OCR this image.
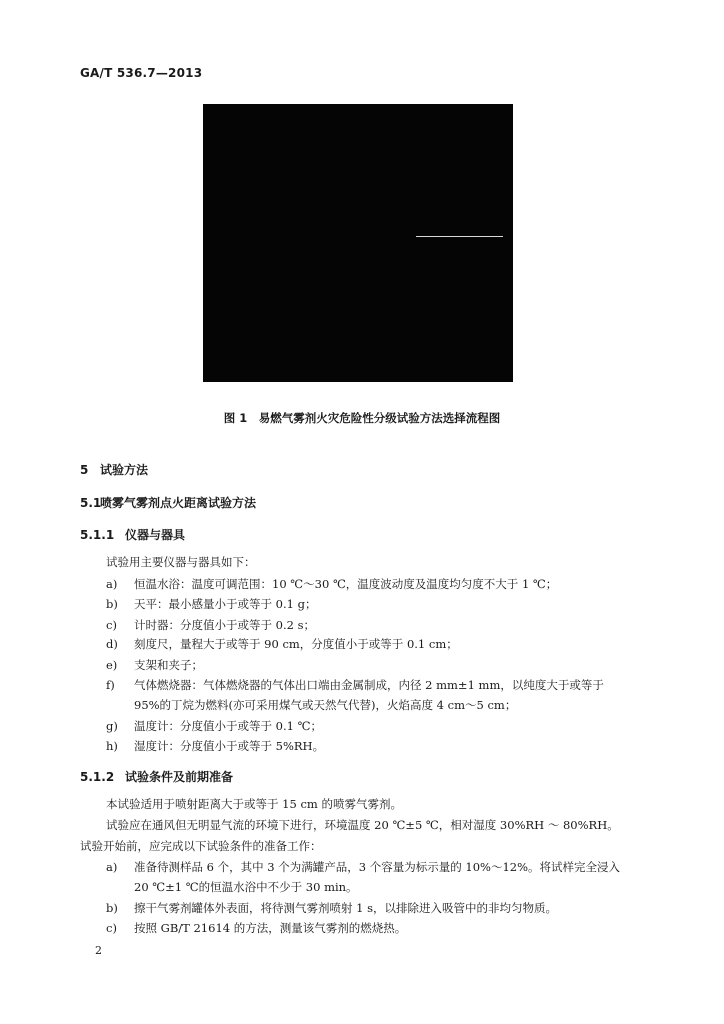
GA/T 536.7—2013
图 1　易燃气雾剂火灾危险性分级试验方法选择流程图
5 试验方法
5.1喷雾气雾剂点火距离试验方法
5.1.1 仪器与器具
试验用主要仪器与器具如下：
a) 恒温水浴：温度可调范围：10 ℃～30 ℃，温度波动度及温度均匀度不大于 1 ℃；
b) 天平：最小感量小于或等于 0.1 g；
c) 计时器：分度值小于或等于 0.2 s；
d) 刻度尺，量程大于或等于 90 cm，分度值小于或等于 0.1 cm；
e) 支架和夹子；
f) 气体燃烧器：气体燃烧器的气体出口端由金属制成，内径 2 mm±1 mm，以纯度大于或等于
95%的丁烷为燃料(亦可采用煤气或天然气代替)，火焰高度 4 cm～5 cm；
g) 温度计：分度值小于或等于 0.1 ℃；
h) 湿度计：分度值小于或等于 5%RH。
5.1.2 试验条件及前期准备
本试验适用于喷射距离大于或等于 15 cm 的喷雾气雾剂。
试验应在通风但无明显气流的环境下进行，环境温度 20 ℃±5 ℃，相对湿度 30%RH ～ 80%RH。
试验开始前，应完成以下试验条件的准备工作：
a) 准备待测样品 6 个，其中 3 个为满罐产品，3 个容量为标示量的 10%～12%。将试样完全浸入
20 ℃±1 ℃的恒温水浴中不少于 30 min。
b) 擦干气雾剂罐体外表面，将待测气雾剂喷射 1 s，以排除进入吸管中的非均匀物质。
c) 按照 GB/T 21614 的方法，测量该气雾剂的燃烧热。
2
